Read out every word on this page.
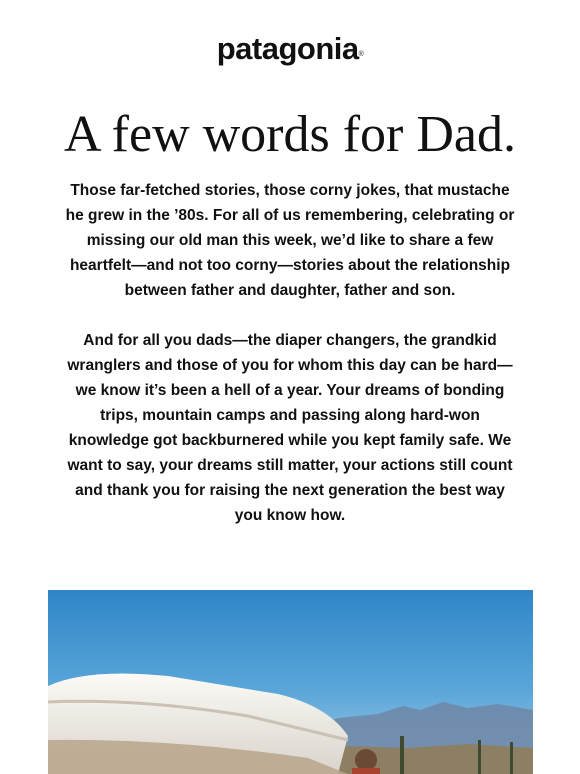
patagonia®
A few words for Dad.

Those far-fetched stories, those corny jokes, that mustache he grew in the ’80s. For all of us remembering, celebrating or missing our old man this week, we’d like to share a few heartfelt—and not too corny—stories about the relationship between father and daughter, father and son.

And for all you dads—the diaper changers, the grandkid wranglers and those of you for whom this day can be hard—we know it’s been a hell of a year. Your dreams of bonding trips, mountain camps and passing along hard-won knowledge got backburnered while you kept family safe. We want to say, your dreams still matter, your actions still count and thank you for raising the next generation the best way you know how.
